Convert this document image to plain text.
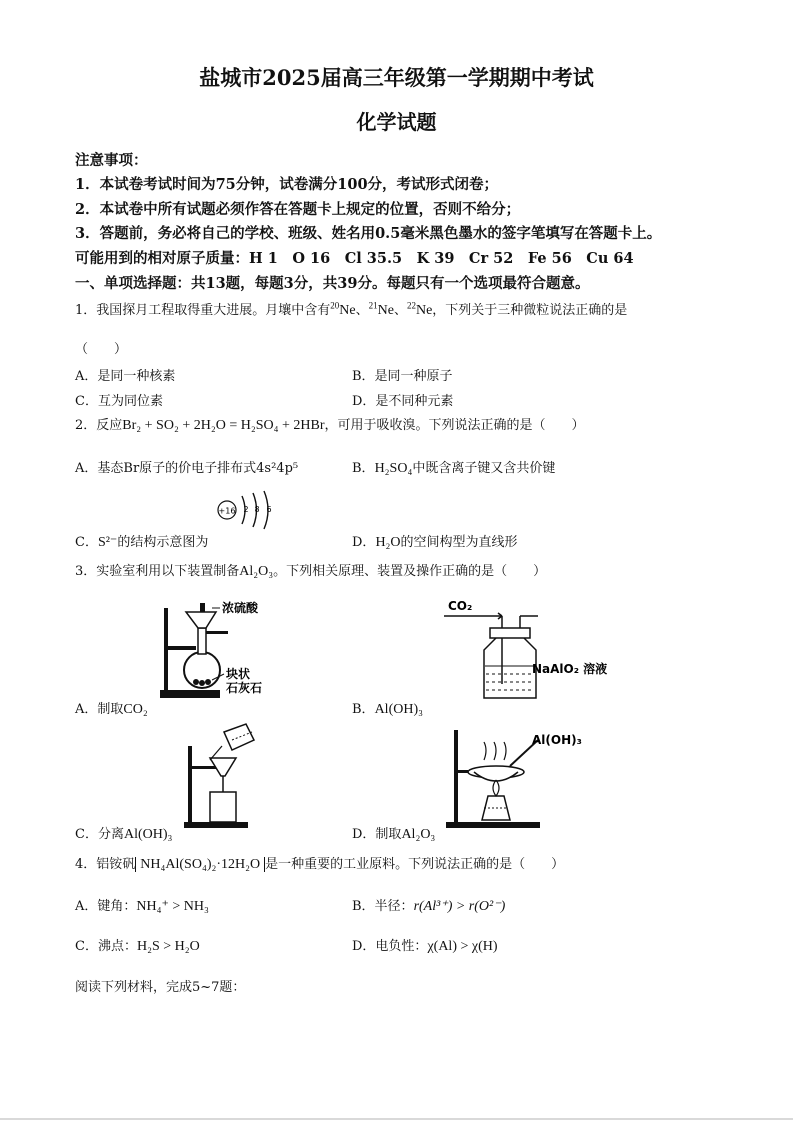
盐城市2025届高三年级第一学期期中考试
化学试题
注意事项：
1．本试卷考试时间为75分钟，试卷满分100分，考试形式闭卷；
2．本试卷中所有试题必须作答在答题卡上规定的位置，否则不给分；
3．答题前，务必将自己的学校、班级、姓名用0.5毫米黑色墨水的签字笔填写在答题卡上。
可能用到的相对原子质量：H 1　O 16　Cl 35.5　K 39　Cr 52　Fe 56　Cu 64
一、单项选择题：共13题，每题3分，共39分。每题只有一个选项最符合题意。
1．我国探月工程取得重大进展。月壤中含有$^{20}$Ne、$^{21}$Ne、$^{22}$Ne，下列关于三种微粒说法正确的是
（　　）
A．是同一种核素	B．是同一种原子
C．互为同位素	D．是不同种元素
2．反应Br₂ + SO₂ + 2H₂O = H₂SO₄ + 2HBr，可用于吸收溴。下列说法正确的是（　　）
A．基态Br原子的价电子排布式4s²4p⁵	B．H₂SO₄中既含离子键又含共价键
+16 2 8 6
C．S²⁻的结构示意图为	D．H₂O的空间构型为直线形
3．实验室利用以下装置制备Al₂O₃。下列相关原理、装置及操作正确的是（　　）
浓硫酸
块状
石灰石
CO₂
NaAlO₂ 溶液
A．制取CO₂	B．Al(OH)₃
Al(OH)₃
C．分离Al(OH)₃	D．制取Al₂O₃
4．铝铵矾 NH₄Al(SO₄)₂·12H₂O 是一种重要的工业原料。下列说法正确的是（　　）
A．键角：NH₄⁺ > NH₃	B．半径：r(Al³⁺) > r(O²⁻)
C．沸点：H₂S > H₂O	D．电负性：χ(Al) > χ(H)
阅读下列材料，完成5~7题：
